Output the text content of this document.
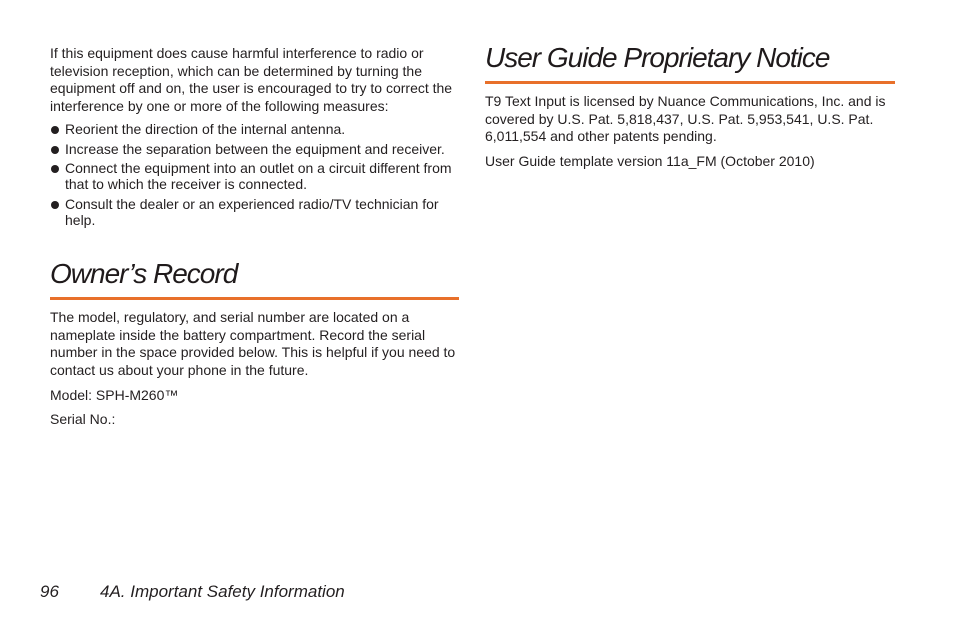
If this equipment does cause harmful interference to radio or television reception, which can be determined by turning the equipment off and on, the user is encouraged to try to correct the interference by one or more of the following measures:

Reorient the direction of the internal antenna.
Increase the separation between the equipment and receiver.
Connect the equipment into an outlet on a circuit different from that to which the receiver is connected.
Consult the dealer or an experienced radio/TV technician for help.
Owner’s Record

The model, regulatory, and serial number are located on a nameplate inside the battery compartment. Record the serial number in the space provided below. This is helpful if you need to contact us about your phone in the future.

Model: SPH-M260™

Serial No.:

User Guide Proprietary Notice

T9 Text Input is licensed by Nuance Communications, Inc. and is covered by U.S. Pat. 5,818,437, U.S. Pat. 5,953,541, U.S. Pat. 6,011,554 and other patents pending.

User Guide template version 11a_FM (October 2010)

96 4A. Important Safety Information
